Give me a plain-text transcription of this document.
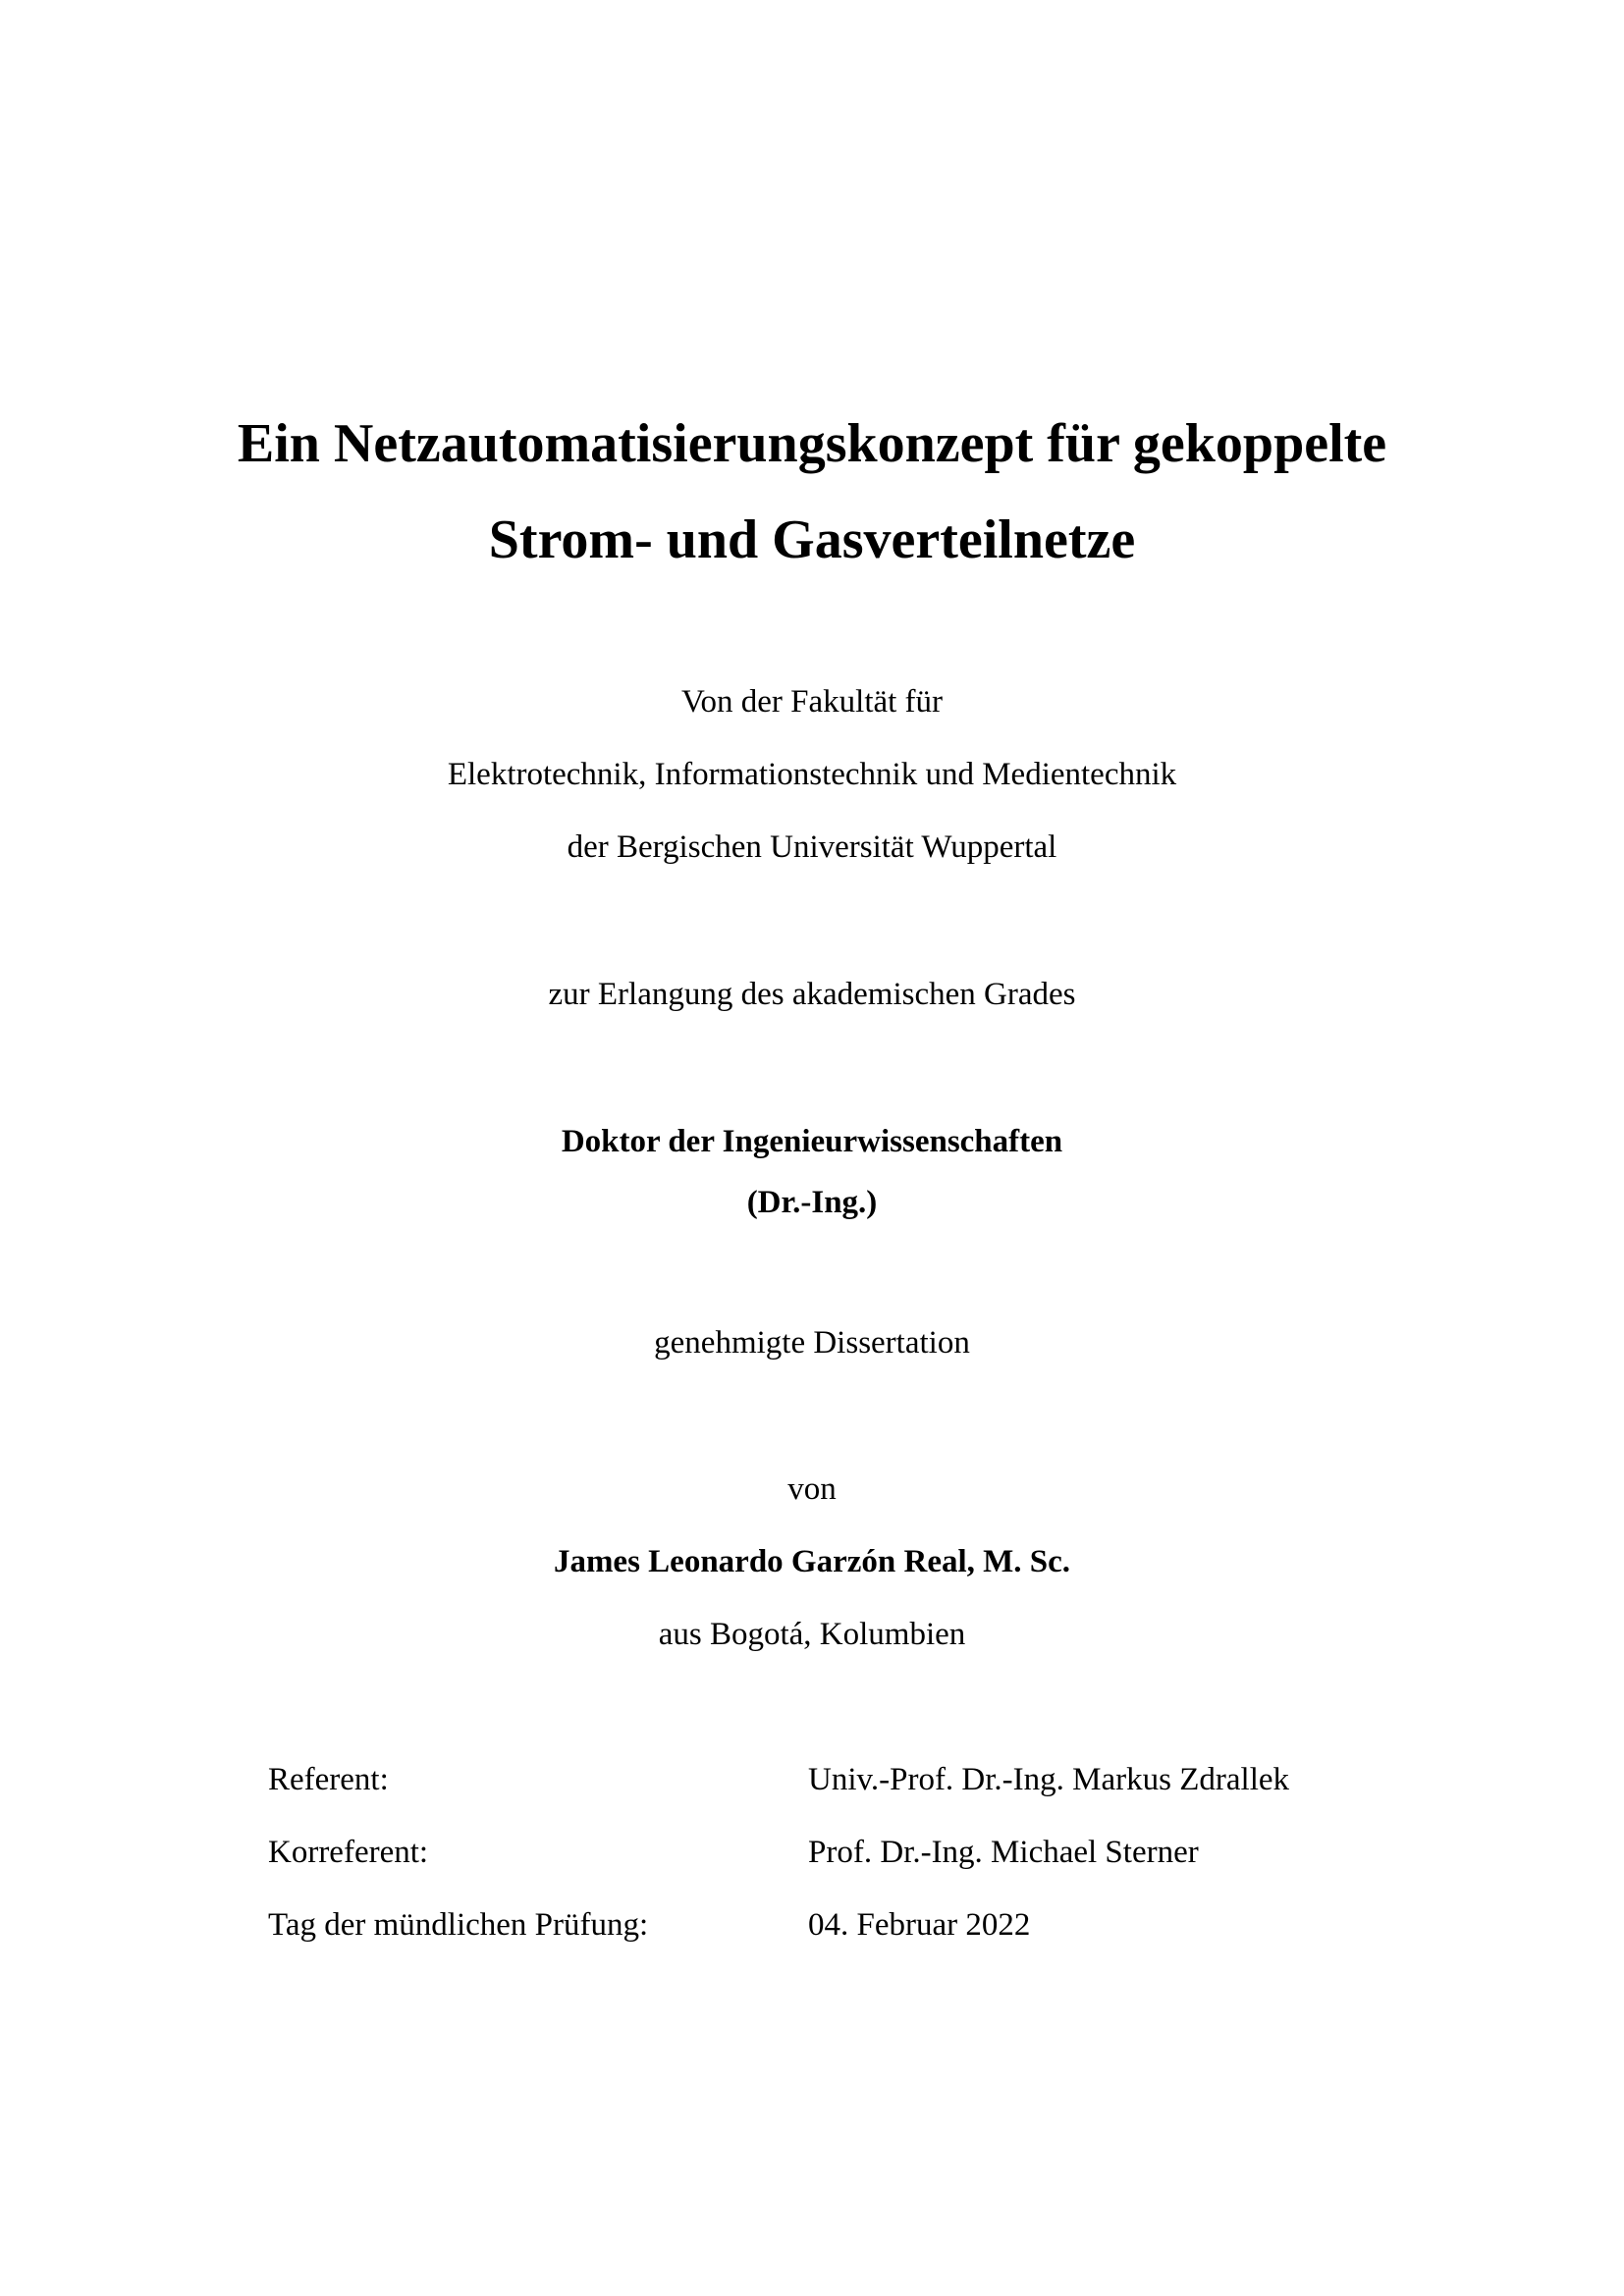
Ein Netzautomatisierungskonzept für gekoppelte
Strom- und Gasverteilnetze
Von der Fakultät für
Elektrotechnik, Informationstechnik und Medientechnik
der Bergischen Universität Wuppertal
zur Erlangung des akademischen Grades
Doktor der Ingenieurwissenschaften
(Dr.-Ing.)
genehmigte Dissertation
von
James Leonardo Garzón Real, M. Sc.
aus Bogotá, Kolumbien
Referent:	Univ.-Prof. Dr.-Ing. Markus Zdrallek
Korreferent:	Prof. Dr.-Ing. Michael Sterner
Tag der mündlichen Prüfung:	04. Februar 2022
